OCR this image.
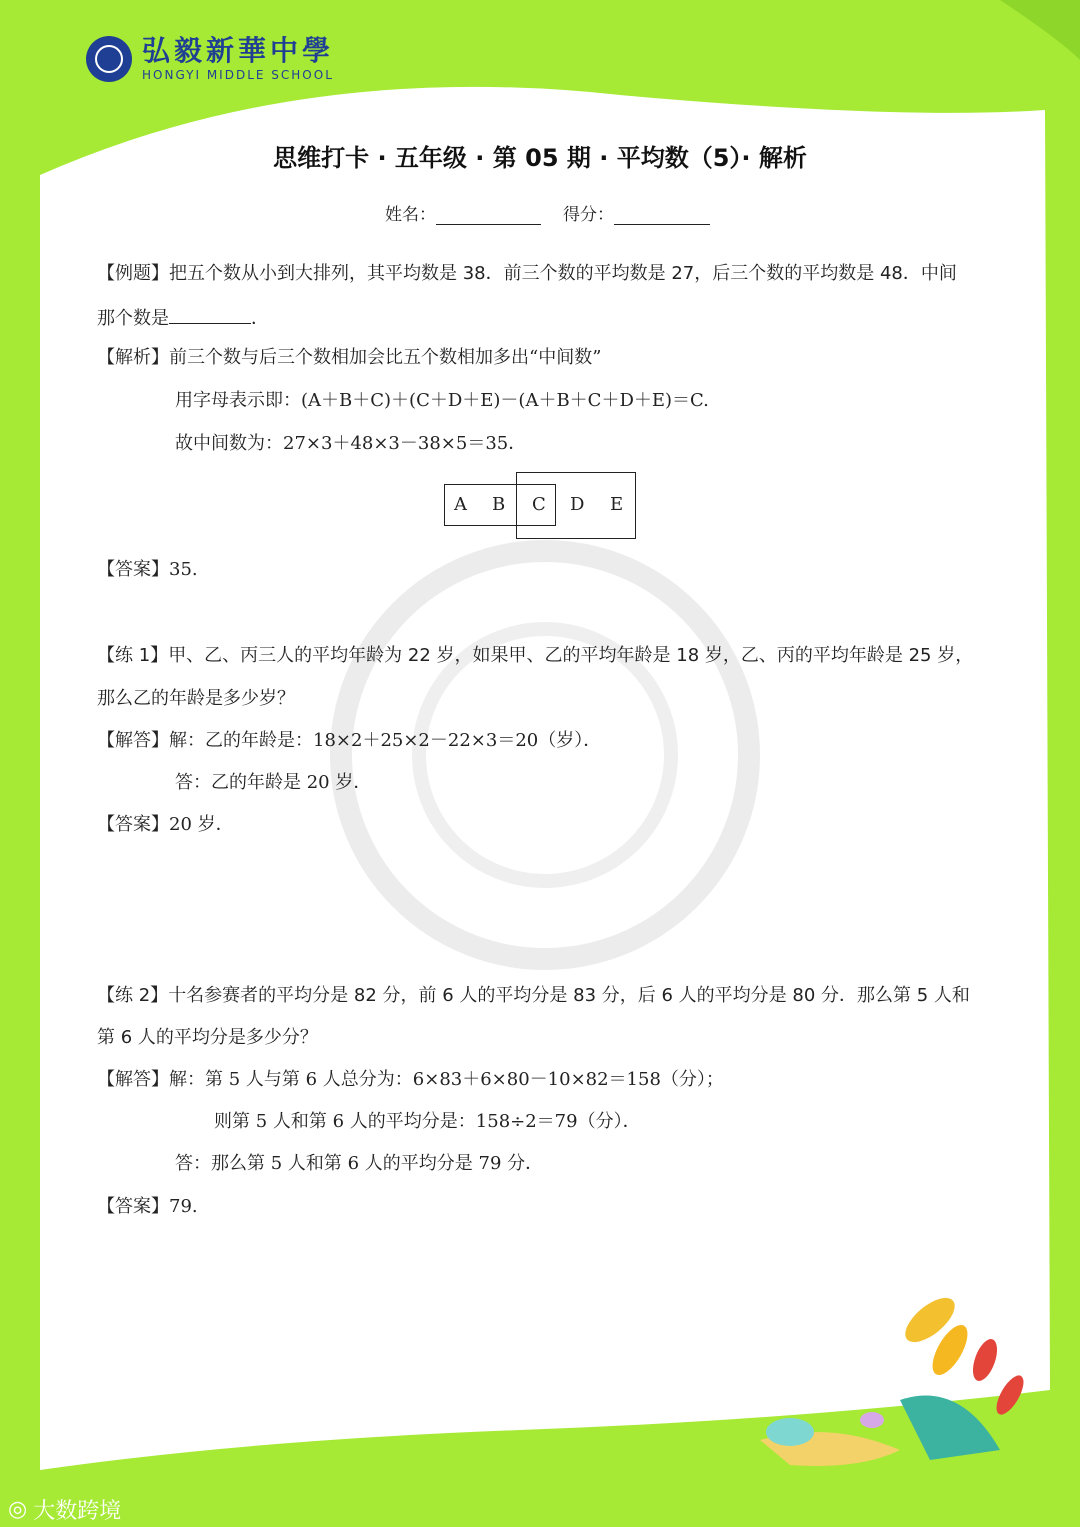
弘毅新華中學
HONGYI MIDDLE SCHOOL
思维打卡 · 五年级 · 第 05 期 · 平均数（5）· 解析
姓名：	得分：
【例题】把五个数从小到大排列，其平均数是 38．前三个数的平均数是 27，后三个数的平均数是 48．中间
那个数是	．
【解析】前三个数与后三个数相加会比五个数相加多出“中间数”
用字母表示即：(A＋B＋C)＋(C＋D＋E)－(A＋B＋C＋D＋E)＝C.
故中间数为：27×3＋48×3－38×5＝35．
A B C D E
【答案】35.
【练 1】甲、乙、丙三人的平均年龄为 22 岁，如果甲、乙的平均年龄是 18 岁，乙、丙的平均年龄是 25 岁，
那么乙的年龄是多少岁？
【解答】解：乙的年龄是：18×2＋25×2－22×3＝20（岁）．
答：乙的年龄是 20 岁．
【答案】20 岁．
【练 2】十名参赛者的平均分是 82 分，前 6 人的平均分是 83 分，后 6 人的平均分是 80 分．那么第 5 人和
第 6 人的平均分是多少分？
【解答】解：第 5 人与第 6 人总分为：6×83＋6×80－10×82＝158（分）；
则第 5 人和第 6 人的平均分是：158÷2＝79（分）．
答：那么第 5 人和第 6 人的平均分是 79 分．
【答案】79.
◎ 大数跨境
